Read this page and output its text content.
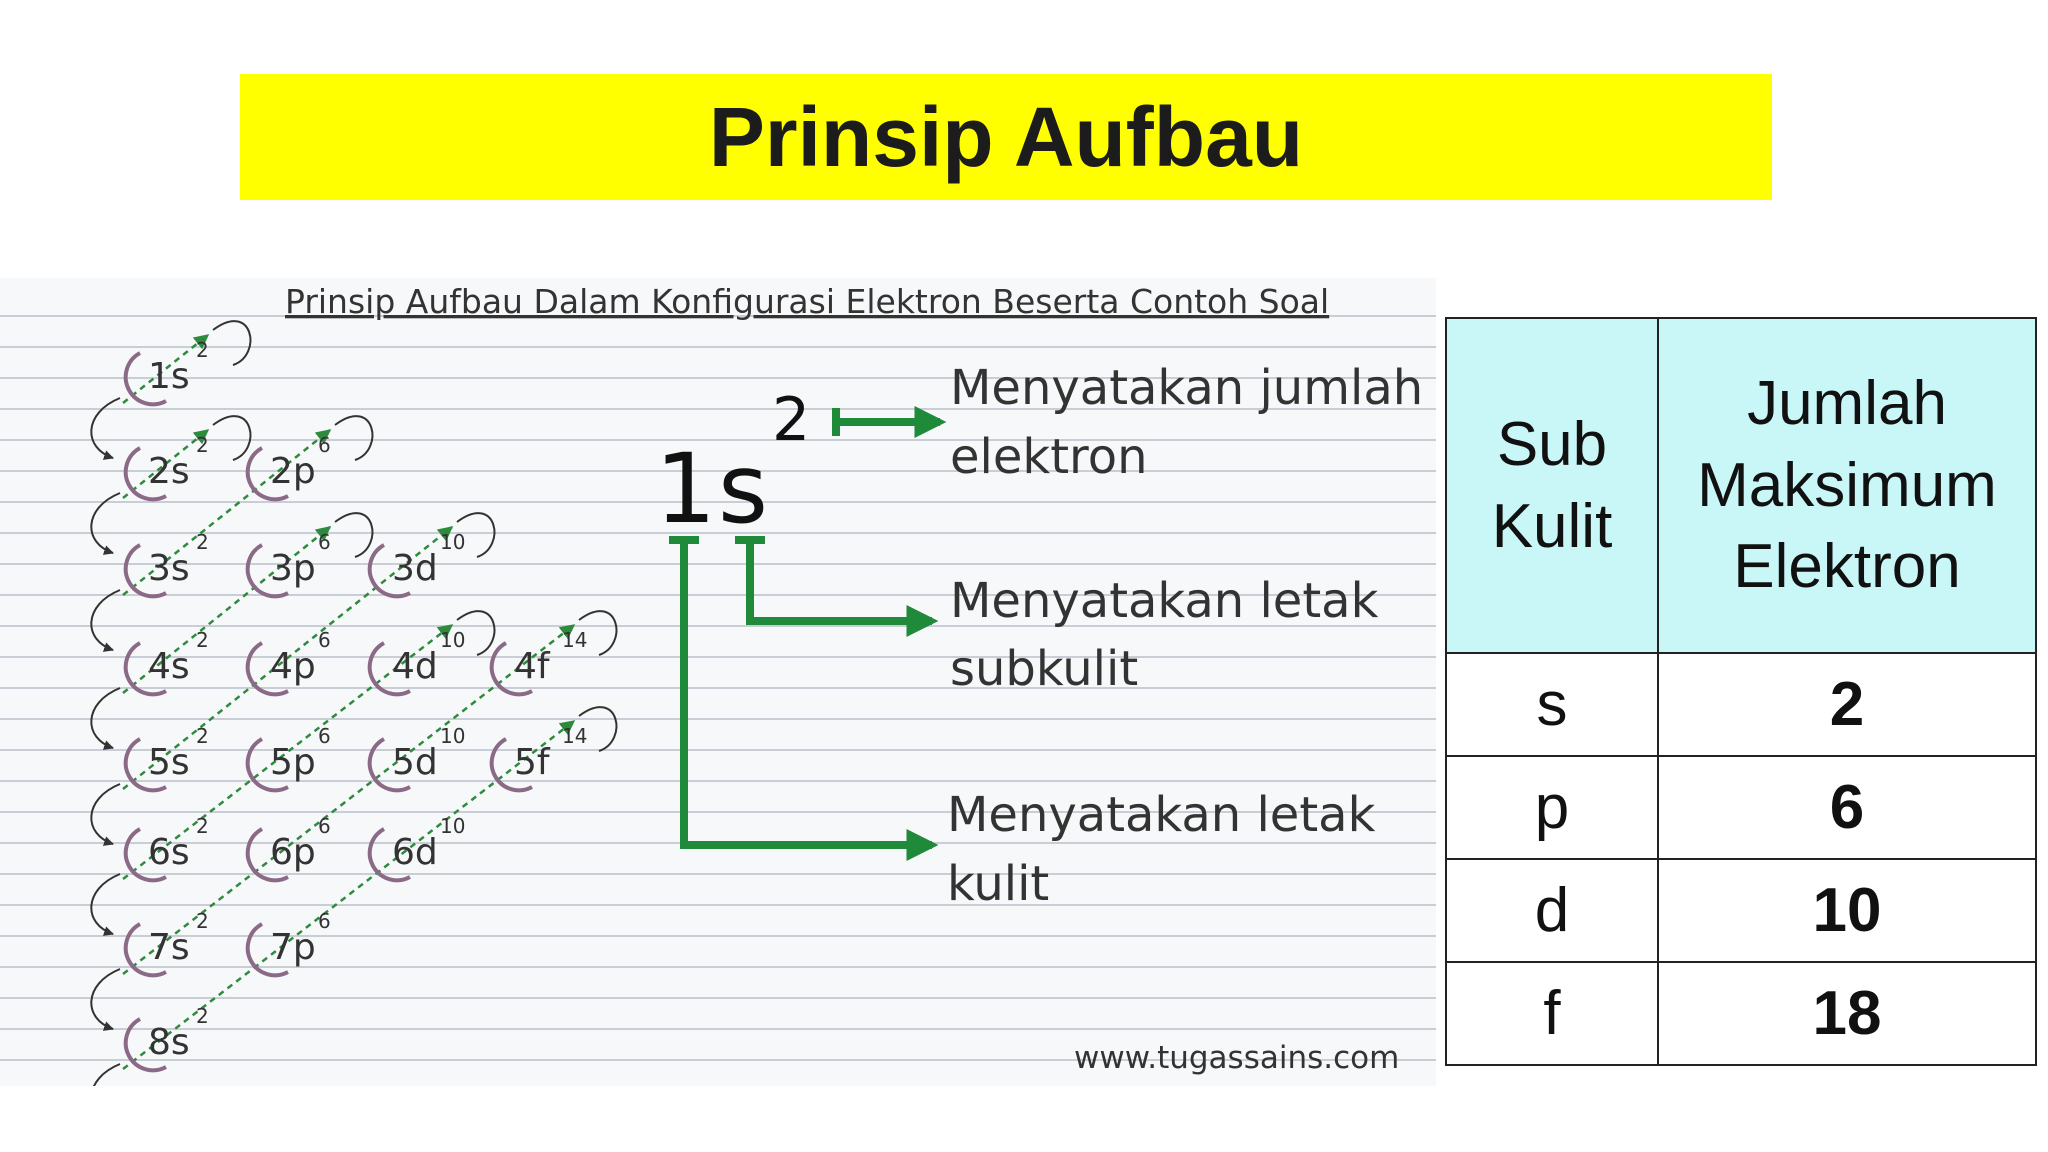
Prinsip Aufbau
Prinsip Aufbau Dalam Konfigurasi Elektron Beserta Contoh Soal
1s
2
2s
2
2p
6
3s
2
3p
6
3d
10
4s
2
4p
6
4d
10
4f
14
5s
2
5p
6
5d
10
5f
14
6s
2
6p
6
6d
10
7s
2
7p
6
8s
2
1 s
2	Menyatakan jumlah
elektron
Menyatakan letak
subkulit
Menyatakan letak
kulit
www.tugassains.com
Sub
Kulit	Jumlah
Maksimum
Elektron
s	2
p	6
d	10
f	18
